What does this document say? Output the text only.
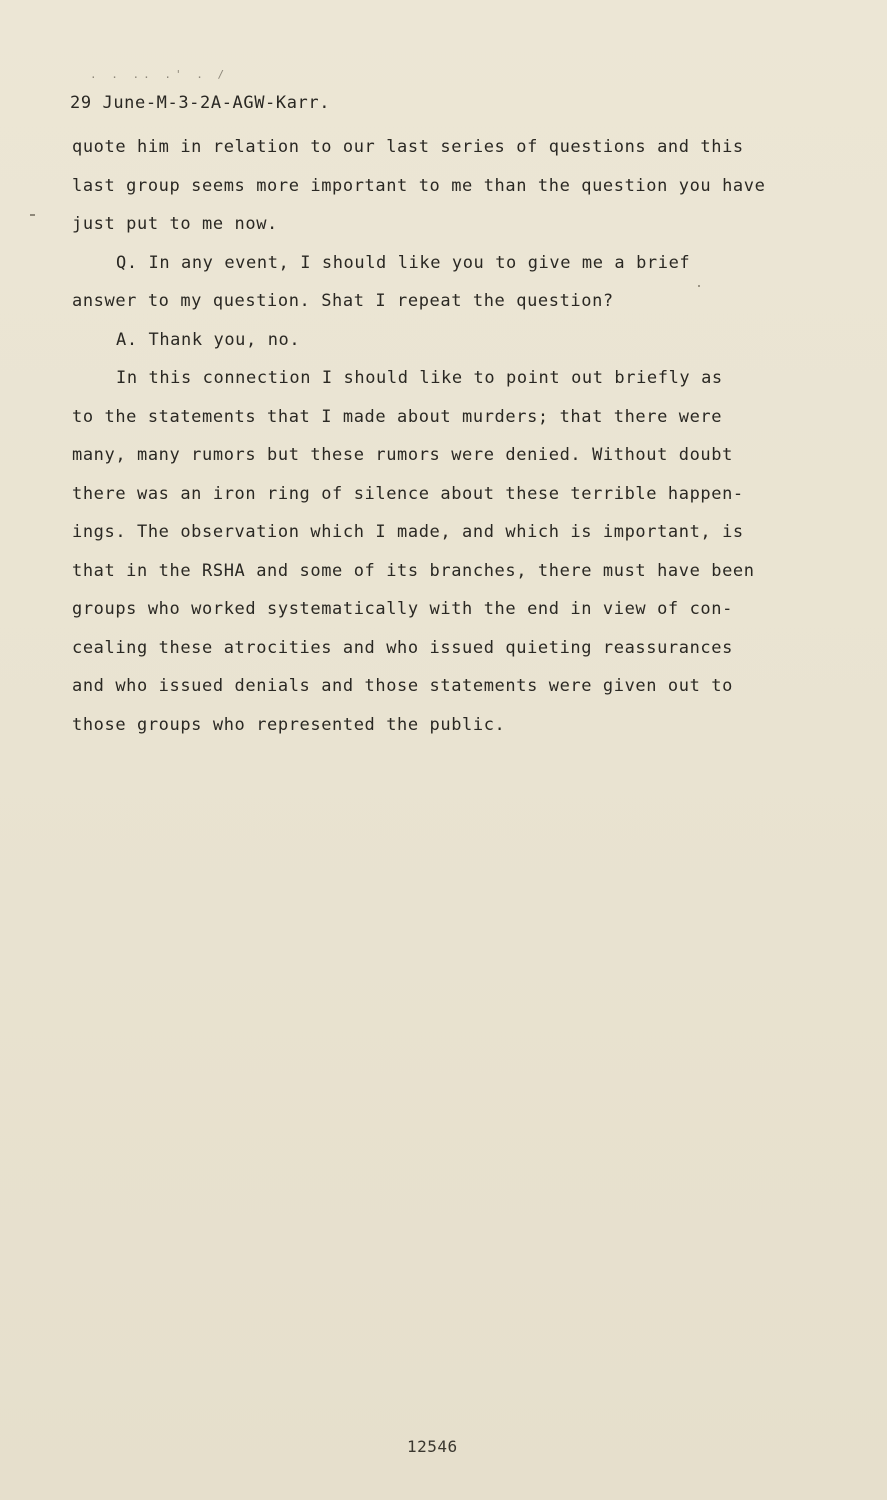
. . .. .' . /
29 June-M-3-2A-AGW-Karr.
quote him in relation to our last series of questions and this
last group seems more important to me than the question you have
just put to me now.
Q. In any event, I should like you to give me a brief
answer to my question. Shat I repeat the question?
A. Thank you, no.
In this connection I should like to point out briefly as
to the statements that I made about murders; that there were
many, many rumors but these rumors were denied. Without doubt
there was an iron ring of silence about these terrible happen-
ings. The observation which I made, and which is important, is
that in the RSHA and some of its branches, there must have been
groups who worked systematically with the end in view of con-
cealing these atrocities and who issued quieting reassurances
and who issued denials and those statements were given out to
those groups who represented the public.
12546
